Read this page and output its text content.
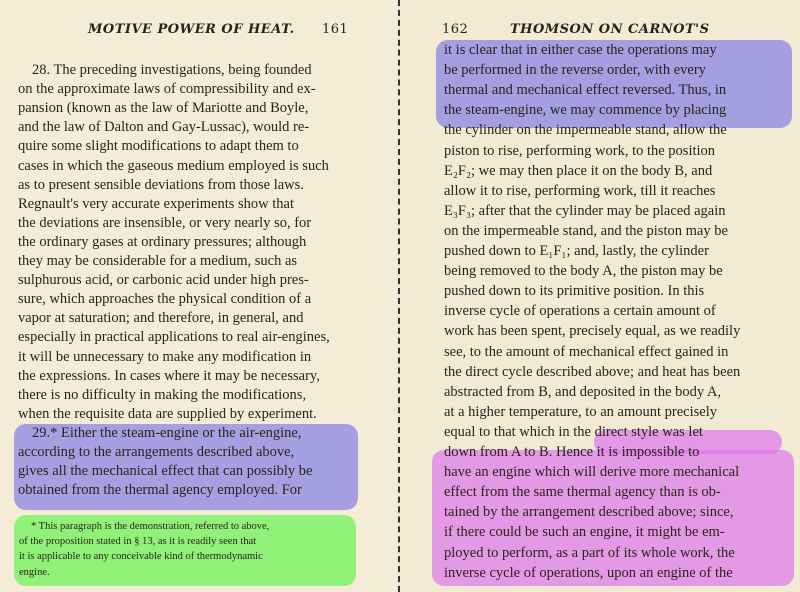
MOTIVE POWER OF HEAT. 161
28. The preceding investigations, being founded
on the approximate laws of compressibility and ex-
pansion (known as the law of Mariotte and Boyle,
and the law of Dalton and Gay-Lussac), would re-
quire some slight modifications to adapt them to
cases in which the gaseous medium employed is such
as to present sensible deviations from those laws.
Regnault's very accurate experiments show that
the deviations are insensible, or very nearly so, for
the ordinary gases at ordinary pressures; although
they may be considerable for a medium, such as
sulphurous acid, or carbonic acid under high pres-
sure, which approaches the physical condition of a
vapor at saturation; and therefore, in general, and
especially in practical applications to real air-engines,
it will be unnecessary to make any modification in
the expressions. In cases where it may be necessary,
there is no difficulty in making the modifications,
when the requisite data are supplied by experiment.
29.* Either the steam-engine or the air-engine,
according to the arrangements described above,
gives all the mechanical effect that can possibly be
obtained from the thermal agency employed. For
* This paragraph is the demonstration, referred to above,
of the proposition stated in § 13, as it is readily seen that
it is applicable to any conceivable kind of thermodynamic
engine.
162	THOMSON ON CARNOT'S
it is clear that in either case the operations may
be performed in the reverse order, with every
thermal and mechanical effect reversed. Thus, in
the steam-engine, we may commence by placing
the cylinder on the impermeable stand, allow the
piston to rise, performing work, to the position
E₂F₂; we may then place it on the body B, and
allow it to rise, performing work, till it reaches
E₃F₃; after that the cylinder may be placed again
on the impermeable stand, and the piston may be
pushed down to E₁F₁; and, lastly, the cylinder
being removed to the body A, the piston may be
pushed down to its primitive position. In this
inverse cycle of operations a certain amount of
work has been spent, precisely equal, as we readily
see, to the amount of mechanical effect gained in
the direct cycle described above; and heat has been
abstracted from B, and deposited in the body A,
at a higher temperature, to an amount precisely
equal to that which in the direct style was let
down from A to B. Hence it is impossible to
have an engine which will derive more mechanical
effect from the same thermal agency than is ob-
tained by the arrangement described above; since,
if there could be such an engine, it might be em-
ployed to perform, as a part of its whole work, the
inverse cycle of operations, upon an engine of the
